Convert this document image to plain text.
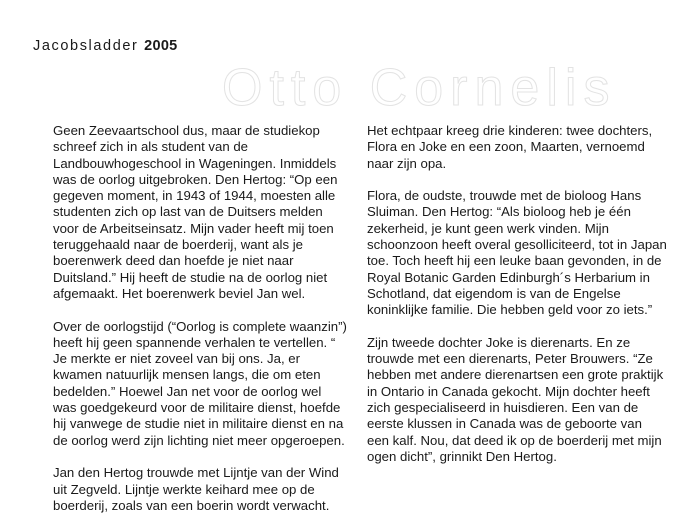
Jacobsladder 2005
Otto Cornelis

Geen Zeevaartschool dus, maar de studiekop schreef zich in als student van de Landbouwhogeschool in Wageningen. Inmiddels was de oorlog uitgebroken. Den Hertog: “Op een gegeven moment, in 1943 of 1944, moesten alle studenten zich op last van de Duitsers melden voor de Arbeitseinsatz. Mijn vader heeft mij toen teruggehaald naar de boerderij, want als je boerenwerk deed dan hoefde je niet naar Duitsland.” Hij heeft de studie na de oorlog niet afgemaakt. Het boerenwerk beviel Jan wel.

Over de oorlogstijd (“Oorlog is complete waanzin”) heeft hij geen spannende verhalen te vertellen. “ Je merkte er niet zoveel van bij ons. Ja, er kwamen natuurlijk mensen langs, die om eten bedelden.” Hoewel Jan net voor de oorlog wel was goedgekeurd voor de militaire dienst, hoefde hij vanwege de studie niet in militaire dienst en na de oorlog werd zijn lichting niet meer opgeroepen.

Jan den Hertog trouwde met Lijntje van der Wind uit Zegveld. Lijntje werkte keihard mee op de boerderij, zoals van een boerin wordt verwacht.

Het echtpaar kreeg drie kinderen: twee dochters, Flora en Joke en een zoon, Maarten, vernoemd naar zijn opa.

Flora, de oudste, trouwde met de bioloog Hans Sluiman. Den Hertog: “Als bioloog heb je één zekerheid, je kunt geen werk vinden. Mijn schoonzoon heeft overal gesolliciteerd, tot in Japan toe. Toch heeft hij een leuke baan gevonden, in de Royal Botanic Garden Edinburgh´s Herbarium in Schotland, dat eigendom is van de Engelse koninklijke familie. Die hebben geld voor zo iets.”

Zijn tweede dochter Joke is dierenarts. En ze trouwde met een dierenarts, Peter Brouwers. “Ze hebben met andere dierenartsen een grote praktijk in Ontario in Canada gekocht. Mijn dochter heeft zich gespecialiseerd in huisdieren. Een van de eerste klussen in Canada was de geboorte van een kalf. Nou, dat deed ik op de boerderij met mijn ogen dicht”, grinnikt Den Hertog.
